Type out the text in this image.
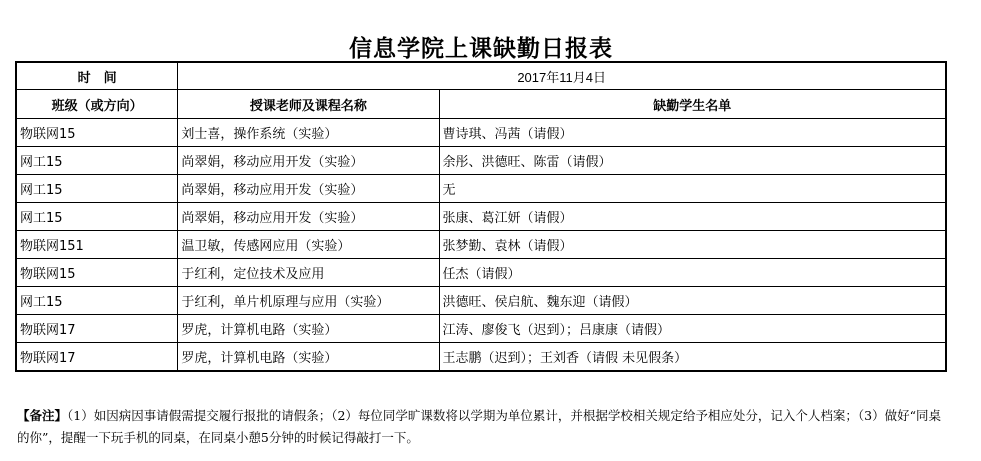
信息学院上课缺勤日报表
时　间	2017年11月4日	
班级（或方向）	授课老师及课程名称	缺勤学生名单
物联网15	刘士喜，操作系统（实验）	曹诗琪、冯茜（请假）
网工15	尚翠娟，移动应用开发（实验）	余彤、洪德旺、陈雷（请假）
网工15	尚翠娟，移动应用开发（实验）	无
网工15	尚翠娟，移动应用开发（实验）	张康、葛江妍（请假）
物联网151	温卫敏，传感网应用（实验）	张梦勤、袁林（请假）
物联网15	于红利，定位技术及应用	任杰（请假）
网工15	于红利，单片机原理与应用（实验）	洪德旺、侯启航、魏东迎（请假）
物联网17	罗虎，计算机电路（实验）	江涛、廖俊飞（迟到）；吕康康（请假）
物联网17	罗虎，计算机电路（实验）	王志鹏（迟到）；王刘香（请假 未见假条）
【备注】（1）如因病因事请假需提交履行报批的请假条；（2）每位同学旷课数将以学期为单位累计，并根据学校相关规定给予相应处分，记入个人档案；（3）做好“同桌的你”，提醒一下玩手机的同桌，在同桌小憩5分钟的时候记得敲打一下。
